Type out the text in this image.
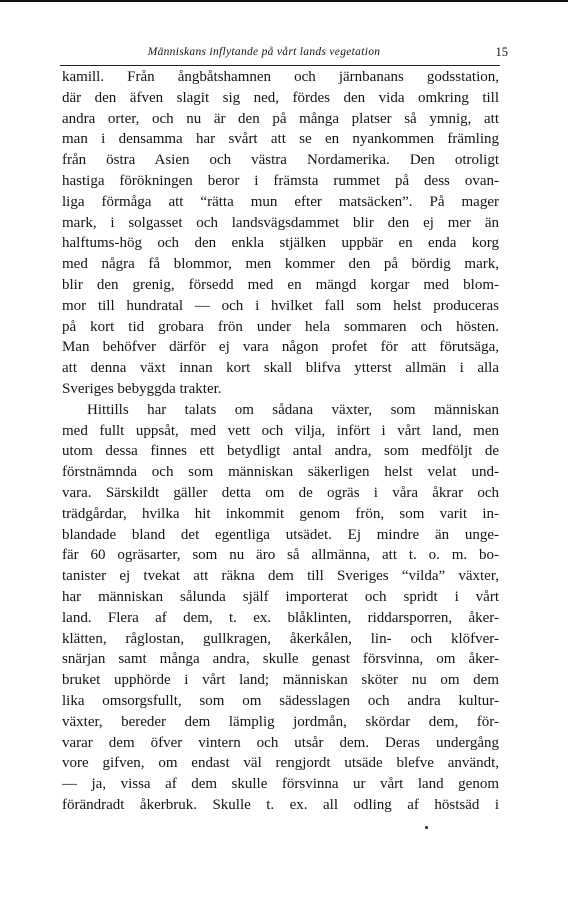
Människans inflytande på vårt lands vegetation	15
kamill. Från ångbåtshamnen och järnbanans godsstation,
där den äfven slagit sig ned, fördes den vida omkring till
andra orter, och nu är den på många platser så ymnig, att
man i densamma har svårt att se en nyankommen främling
från östra Asien och västra Nordamerika. Den otroligt
hastiga förökningen beror i främsta rummet på dess ovan-
liga förmåga att “rätta mun efter matsäcken”. På mager
mark, i solgasset och landsvägsdammet blir den ej mer än
halftums-hög och den enkla stjälken uppbär en enda korg
med några få blommor, men kommer den på bördig mark,
blir den grenig, försedd med en mängd korgar med blom-
mor till hundratal — och i hvilket fall som helst produceras
på kort tid grobara frön under hela sommaren och hösten.
Man behöfver därför ej vara någon profet för att förutsäga,
att denna växt innan kort skall blifva ytterst allmän i alla
Sveriges bebyggda trakter.
Hittills har talats om sådana växter, som människan
med fullt uppsåt, med vett och vilja, infört i vårt land, men
utom dessa finnes ett betydligt antal andra, som medföljt de
förstnämnda och som människan säkerligen helst velat und-
vara. Särskildt gäller detta om de ogräs i våra åkrar och
trädgårdar, hvilka hit inkommit genom frön, som varit in-
blandade bland det egentliga utsädet. Ej mindre än unge-
fär 60 ogräsarter, som nu äro så allmänna, att t. o. m. bo-
tanister ej tvekat att räkna dem till Sveriges “vilda” växter,
har människan sålunda själf importerat och spridt i vårt
land. Flera af dem, t. ex. blåklinten, riddarsporren, åker-
klätten, råglostan, gullkragen, åkerkålen, lin- och klöfver-
snärjan samt många andra, skulle genast försvinna, om åker-
bruket upphörde i vårt land; människan sköter nu om dem
lika omsorgsfullt, som om sädesslagen och andra kultur-
växter, bereder dem lämplig jordmån, skördar dem, för-
varar dem öfver vintern och utsår dem. Deras undergång
vore gifven, om endast väl rengjordt utsäde blefve användt,
— ja, vissa af dem skulle försvinna ur vårt land genom
förändradt åkerbruk. Skulle t. ex. all odling af höstsäd i
